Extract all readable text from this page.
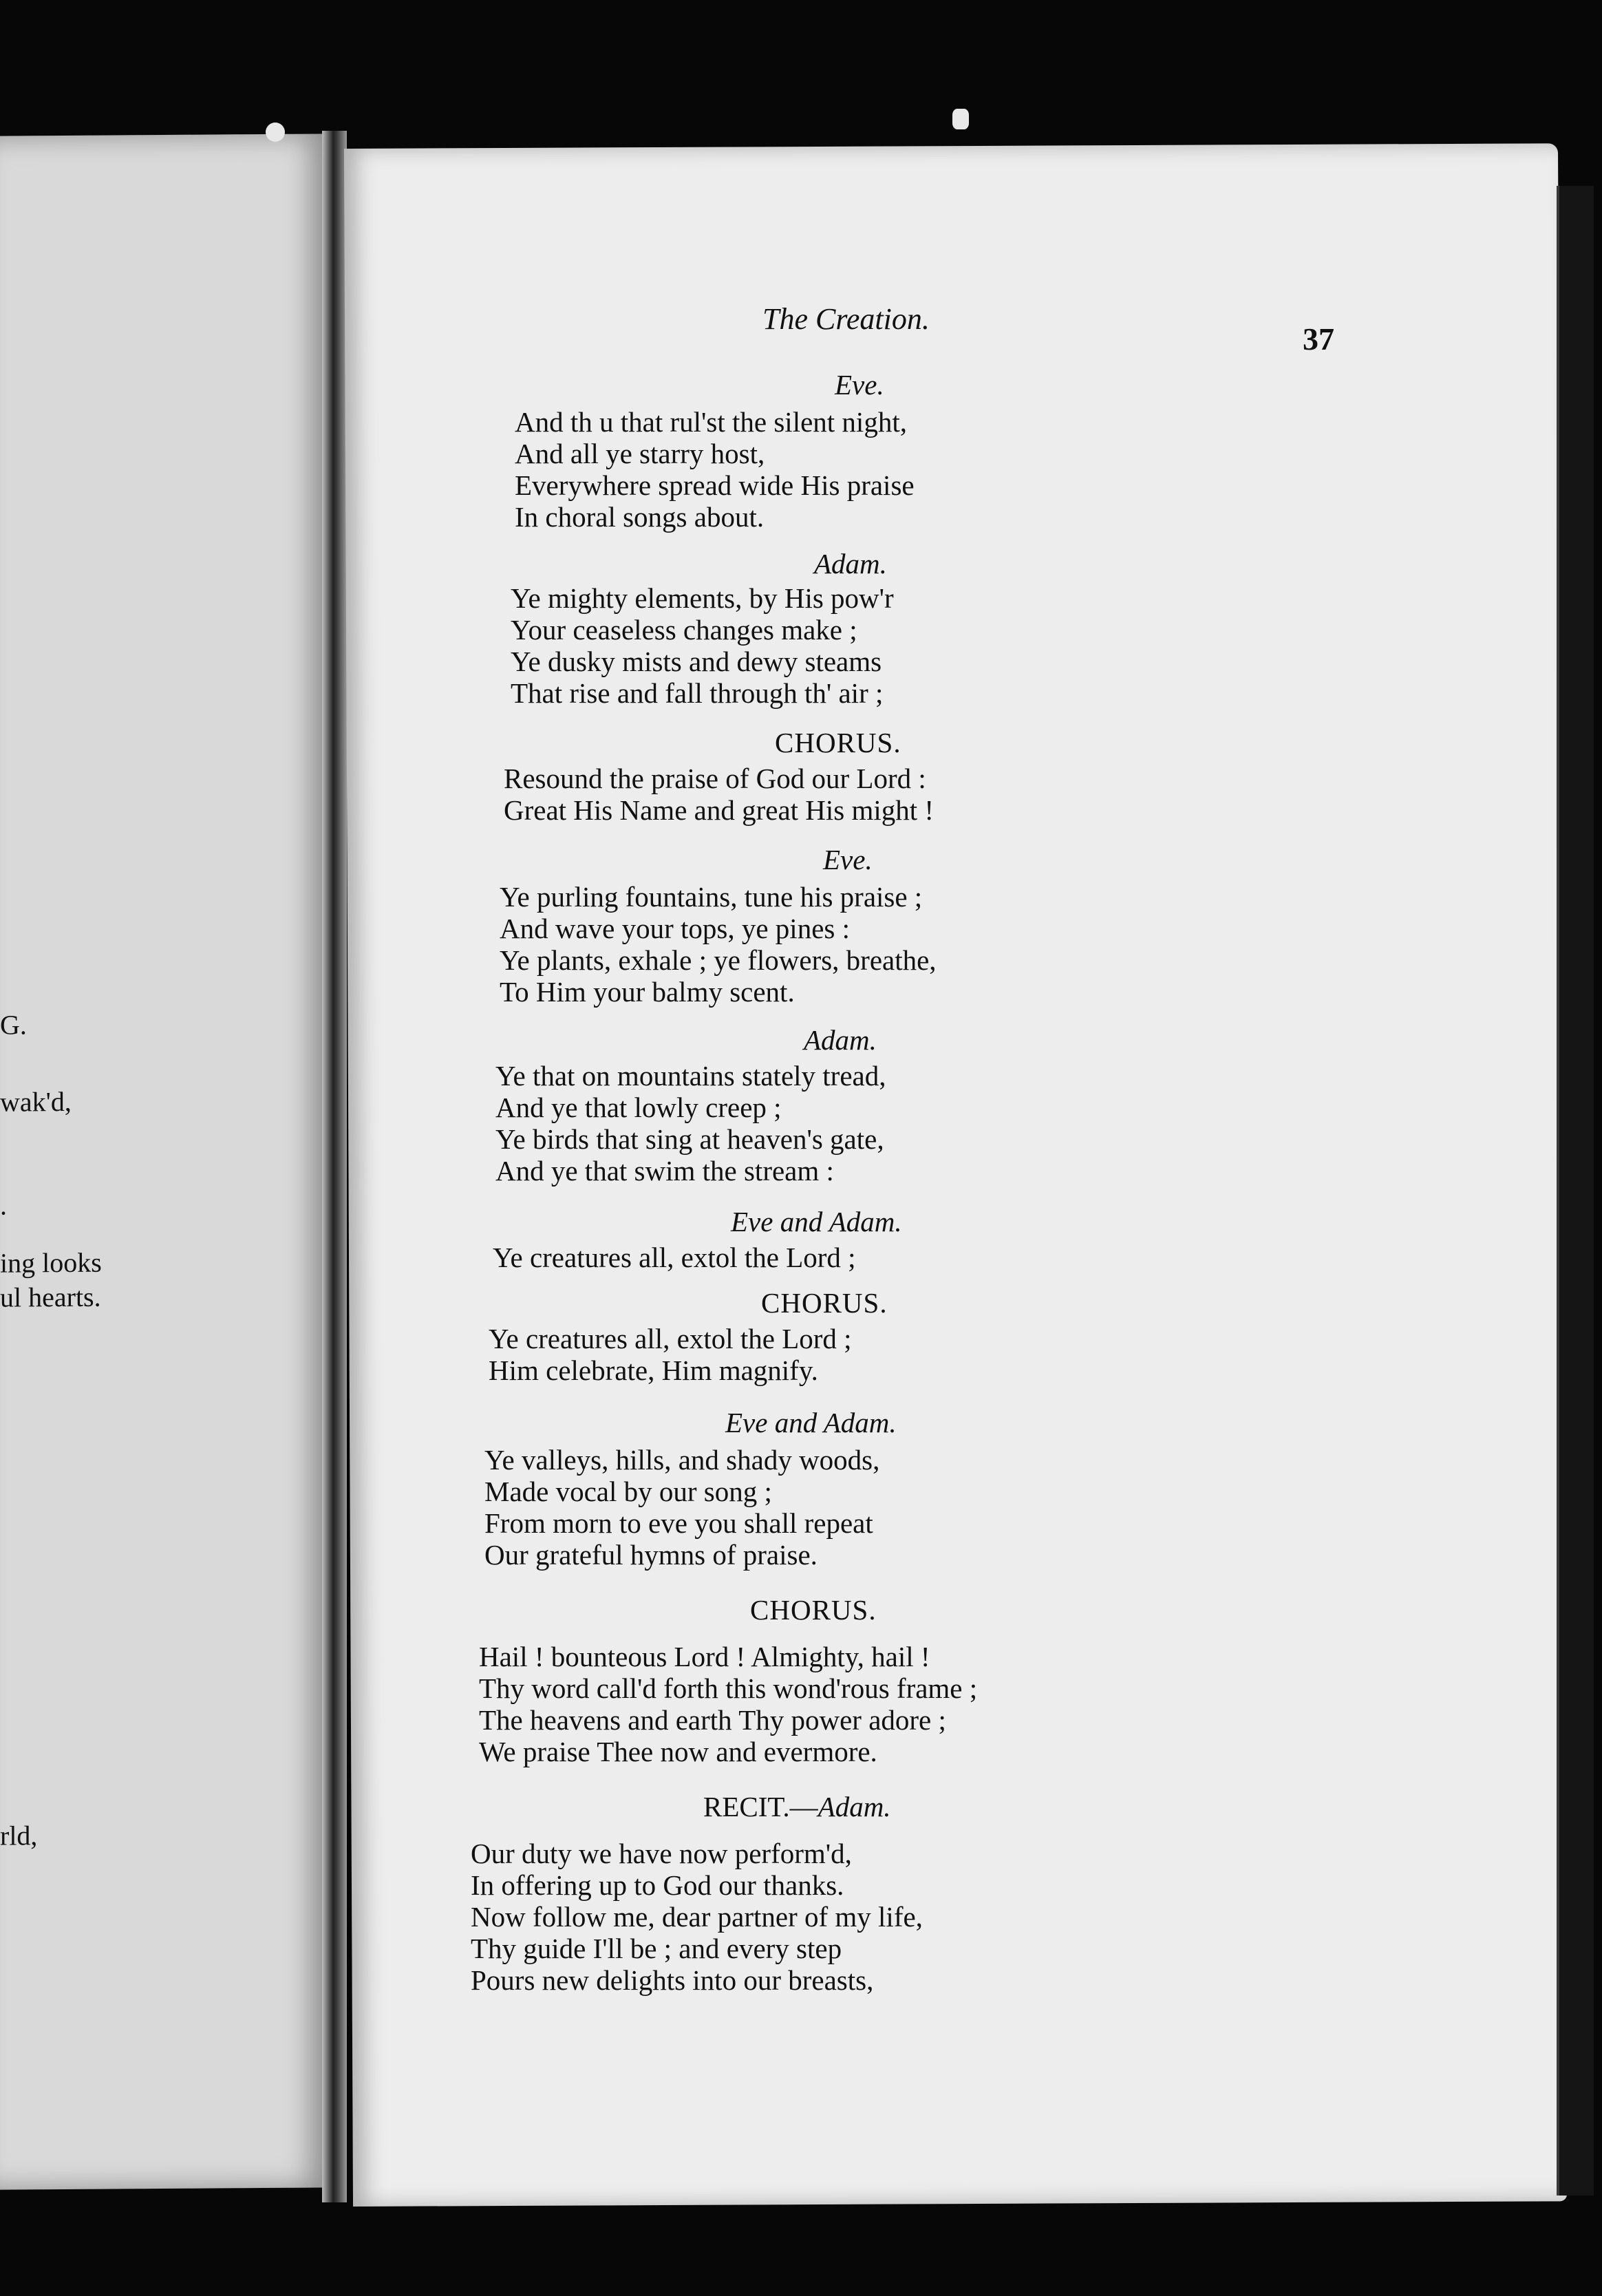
G.
wak'd,
.
ing looks
ul hearts.
rld,
The Creation.
37
Eve.
And th u that rul'st the silent night,
And all ye starry host,
Everywhere spread wide His praise
In choral songs about.
Adam.
Ye mighty elements, by His pow'r
Your ceaseless changes make ;
Ye dusky mists and dewy steams
That rise and fall through th' air ;
CHORUS.
Resound the praise of God our Lord :
Great His Name and great His might !
Eve.
Ye purling fountains, tune his praise ;
And wave your tops, ye pines :
Ye plants, exhale ; ye flowers, breathe,
To Him your balmy scent.
Adam.
Ye that on mountains stately tread,
And ye that lowly creep ;
Ye birds that sing at heaven's gate,
And ye that swim the stream :
Eve and Adam.
Ye creatures all, extol the Lord ;
CHORUS.
Ye creatures all, extol the Lord ;
Him celebrate, Him magnify.
Eve and Adam.
Ye valleys, hills, and shady woods,
Made vocal by our song ;
From morn to eve you shall repeat
Our grateful hymns of praise.
CHORUS.
Hail ! bounteous Lord ! Almighty, hail !
Thy word call'd forth this wond'rous frame ;
The heavens and earth Thy power adore ;
We praise Thee now and evermore.
RECIT.—Adam.
Our duty we have now perform'd,
In offering up to God our thanks.
Now follow me, dear partner of my life,
Thy guide I'll be ; and every step
Pours new delights into our breasts,
